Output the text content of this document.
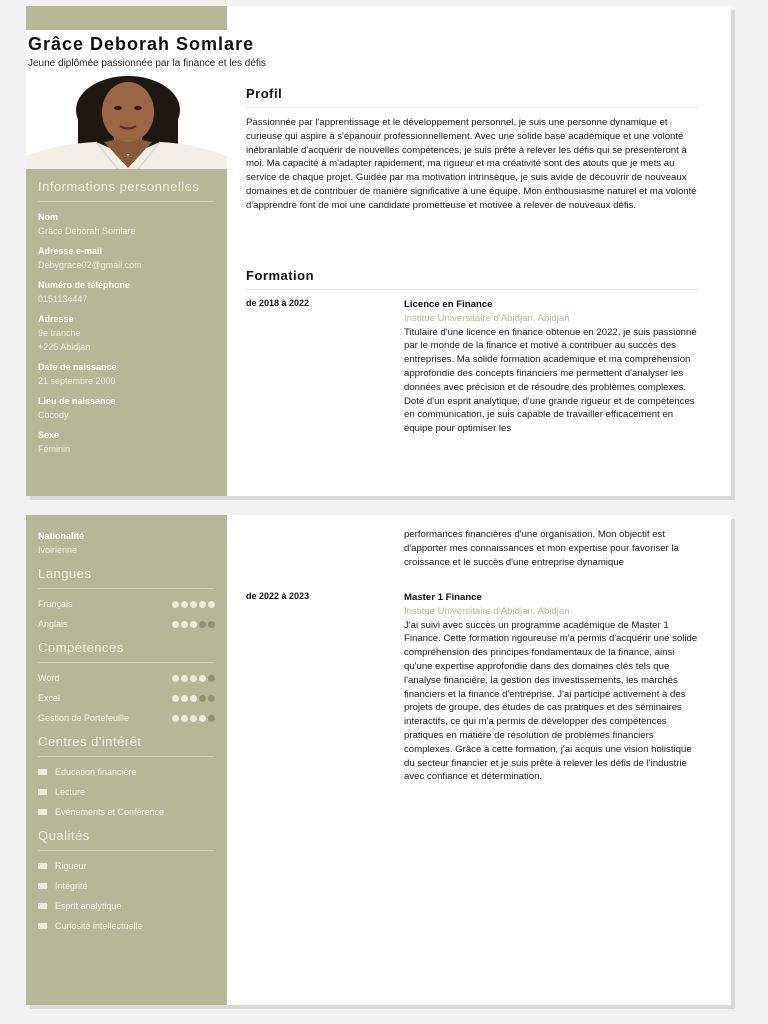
Grâce Deborah Somlare
Jeune diplômée passionnée par la finance et les défis
Informations personnelles
Nom
Grâce Deborah Somlare
Adresse e-mail
Debygrace02@gmail.com
Numéro de téléphone
0151134447
Adresse
9e tranche
+225 Abidjan
Date de naissance
21 septembre 2000
Lieu de naissance
Cocody
Sexe
Féminin
Profil
Passionnée par l'apprentissage et le développement personnel, je suis une personne dynamique et curieuse qui aspire à s'épanouir professionnellement. Avec une solide base académique et une volonté inébranlable d'acquérir de nouvelles compétences, je suis prête à relever les défis qui se présenteront à moi. Ma capacité à m'adapter rapidement, ma rigueur et ma créativité sont des atouts que je mets au service de chaque projet. Guidée par ma motivation intrinsèque, je suis avide de découvrir de nouveaux domaines et de contribuer de manière significative à une équipe. Mon enthousiasme naturel et ma volonté d'apprendre font de moi une candidate prometteuse et motivée à relever de nouveaux défis.
Formation
de 2018 à 2022	Licence en Finance
Institue Universitaire d'Abidjan, Abidjan
Titulaire d'une licence en finance obtenue en 2022, je suis passionné par le monde de la finance et motivé à contribuer au succès des entreprises. Ma solide formation académique et ma compréhension approfondie des concepts financiers me permettent d'analyser les données avec précision et de résoudre des problèmes complexes. Doté d'un esprit analytique, d'une grande rigueur et de compétences en communication, je suis capable de travailler efficacement en équipe pour optimiser les
Nationalité
Ivoirienne
Langues
Français
Anglais
Compétences
Word
Excel
Gestion de Portefeuille
Centres d'intérêt
Education financière
Lecture
Evènements et Conférence
Qualités
Rigueur
Intégrité
Esprit analytique
Curiosité intellectuelle
performances financières d'une organisation. Mon objectif est d'apporter mes connaissances et mon expertise pour favoriser la croissance et le succès d'une entreprise dynamique
de 2022 à 2023	Master 1 Finance
Institue Universitaire d'Abidjan, Abidjan
J'ai suivi avec succès un programme académique de Master 1 Finance. Cette formation rigoureuse m'a permis d'acquérir une solide compréhension des principes fondamentaux de la finance, ainsi qu'une expertise approfondie dans des domaines clés tels que l'analyse financière, la gestion des investissements, les marchés financiers et la finance d'entreprise. J'ai participé activement à des projets de groupe, des études de cas pratiques et des séminaires interactifs, ce qui m'a permis de développer des compétences pratiques en matière de résolution de problèmes financiers complexes. Grâce à cette formation, j'ai acquis une vision holistique du secteur financier et je suis prête à relever les défis de l'industrie avec confiance et détermination.
